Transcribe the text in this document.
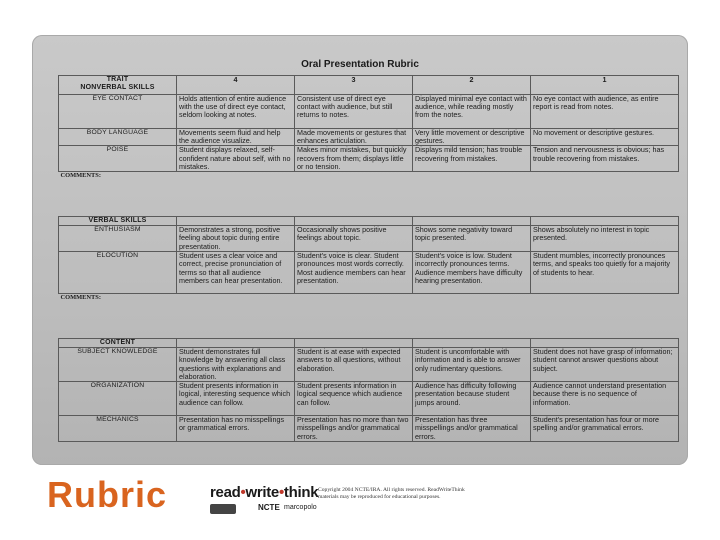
Oral Presentation Rubric
TRAIT
NONVERBAL SKILLS	4	3	2	1
EYE CONTACT	Holds attention of entire audience with the use of direct eye contact, seldom looking at notes.	Consistent use of direct eye contact with audience, but still returns to notes.	Displayed minimal eye contact with audience, while reading mostly from the notes.	No eye contact with audience, as entire report is read from notes.
BODY LANGUAGE	Movements seem fluid and help the audience visualize.	Made movements or gestures that enhances articulation.	Very little movement or descriptive gestures.	No movement or descriptive gestures.
POISE	Student displays relaxed, self-confident nature about self, with no mistakes.	Makes minor mistakes, but quickly recovers from them; displays little or no tension.	Displays mild tension; has trouble recovering from mistakes.	Tension and nervousness is obvious; has trouble recovering from mistakes.
COMMENTS:				
VERBAL SKILLS				

ENTHUSIASM	Demonstrates a strong, positive feeling about topic during entire presentation.	Occasionally shows positive feelings about topic.	Shows some negativity toward topic presented.	Shows absolutely no interest in topic presented.
ELOCUTION	Student uses a clear voice and correct, precise pronunciation of terms so that all audience members can hear presentation.	Student's voice is clear. Student pronounces most words correctly. Most audience members can hear presentation.	Student's voice is low. Student incorrectly pronounces terms. Audience members have difficulty hearing presentation.	Student mumbles, incorrectly pronounces terms, and speaks too quietly for a majority of students to hear.
COMMENTS:				
CONTENT				

SUBJECT KNOWLEDGE	Student demonstrates full knowledge by answering all class questions with explanations and elaboration.	Student is at ease with expected answers to all questions, without elaboration.	Student is uncomfortable with information and is able to answer only rudimentary questions.	Student does not have grasp of information; student cannot answer questions about subject.
ORGANIZATION	Student presents information in logical, interesting sequence which audience can follow.	Student presents information in logical sequence which audience can follow.	Audience has difficulty following presentation because student jumps around.	Audience cannot understand presentation because there is no sequence of information.
MECHANICS	Presentation has no misspellings or grammatical errors.	Presentation has no more than two misspellings and/or grammatical errors.	Presentation has three misspellings and/or grammatical errors.	Student's presentation has four or more spelling and/or grammatical errors.
Rubric	read•write•think
NCTE marcopolo
Copyright 2004 NCTE/IRA. All rights reserved. ReadWriteThink
materials may be reproduced for educational purposes.
